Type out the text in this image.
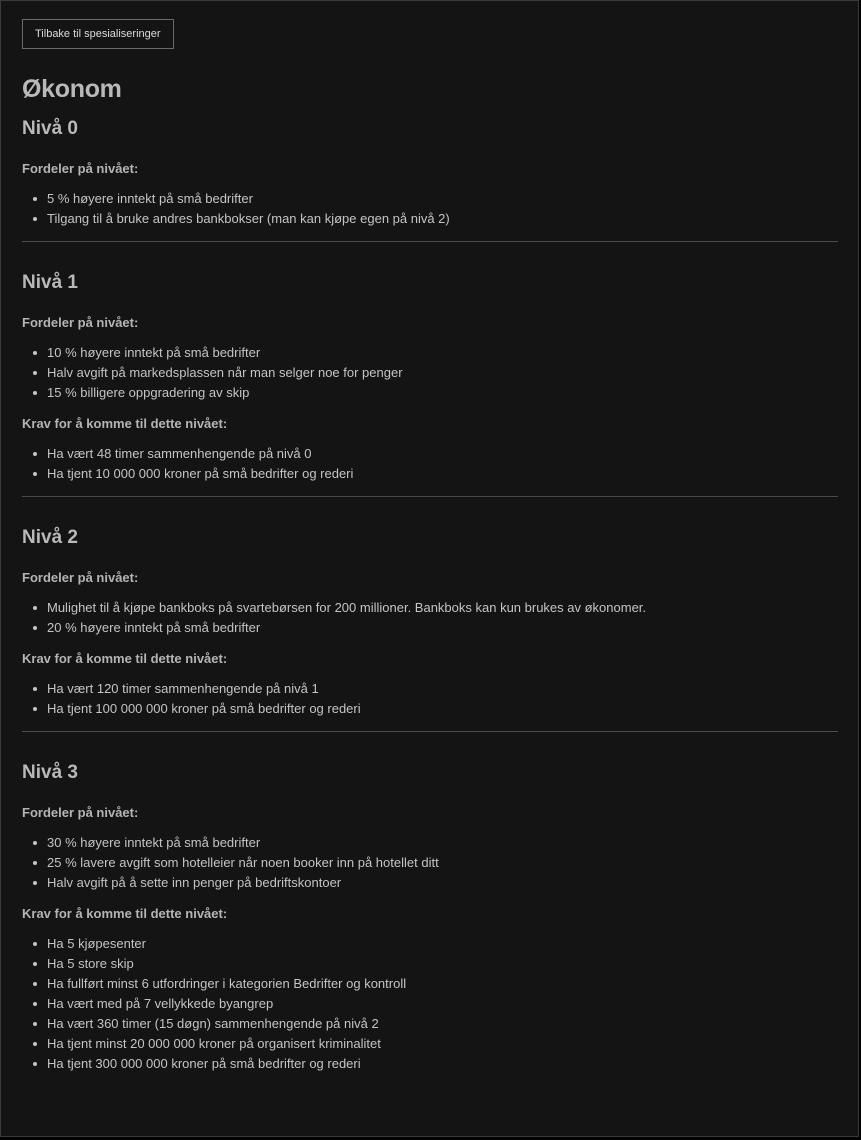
Tilbake til spesialiseringer
Økonom
Nivå 0
Fordeler på nivået:
5 % høyere inntekt på små bedrifter
Tilgang til å bruke andres bankbokser (man kan kjøpe egen på nivå 2)
Nivå 1
Fordeler på nivået:
10 % høyere inntekt på små bedrifter
Halv avgift på markedsplassen når man selger noe for penger
15 % billigere oppgradering av skip
Krav for å komme til dette nivået:
Ha vært 48 timer sammenhengende på nivå 0
Ha tjent 10 000 000 kroner på små bedrifter og rederi
Nivå 2
Fordeler på nivået:
Mulighet til å kjøpe bankboks på svartebørsen for 200 millioner. Bankboks kan kun brukes av økonomer.
20 % høyere inntekt på små bedrifter
Krav for å komme til dette nivået:
Ha vært 120 timer sammenhengende på nivå 1
Ha tjent 100 000 000 kroner på små bedrifter og rederi
Nivå 3
Fordeler på nivået:
30 % høyere inntekt på små bedrifter
25 % lavere avgift som hotelleier når noen booker inn på hotellet ditt
Halv avgift på å sette inn penger på bedriftskontoer
Krav for å komme til dette nivået:
Ha 5 kjøpesenter
Ha 5 store skip
Ha fullført minst 6 utfordringer i kategorien Bedrifter og kontroll
Ha vært med på 7 vellykkede byangrep
Ha vært 360 timer (15 døgn) sammenhengende på nivå 2
Ha tjent minst 20 000 000 kroner på organisert kriminalitet
Ha tjent 300 000 000 kroner på små bedrifter og rederi
